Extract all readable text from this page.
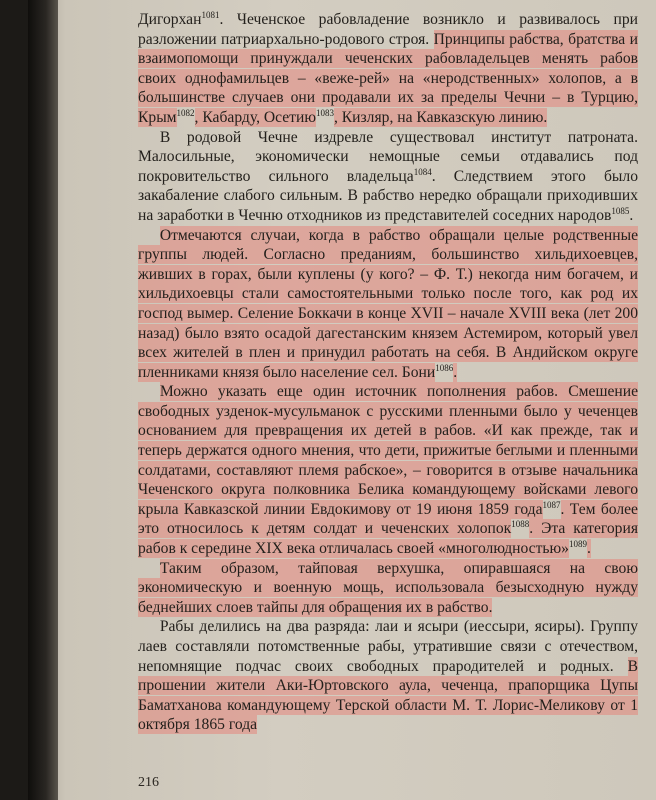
Дигорхан$^{1081}$. Чеченское рабовладение возникло и развивалось при разложении патриархально-родового строя. Принципы рабства, братства и взаимопомощи принуждали чеченских рабовладельцев менять рабов своих однофамильцев – «веже-рей» на «неродственных» холопов, а в большинстве случаев они продавали их за пределы Чечни – в Турцию, Крым$^{1082}$, Кабарду, Осетию$^{1083}$, Кизляр, на Кавказскую линию.

В родовой Чечне издревле существовал институт патроната. Малосильные, экономически немощные семьи отдавались под покровительство сильного владельца$^{1084}$. Следствием этого было закабаление слабого сильным. В рабство нередко обращали приходивших на заработки в Чечню отходников из представителей соседних народов$^{1085}$.

Отмечаются случаи, когда в рабство обращали целые родственные группы людей. Согласно преданиям, большинство хильдихоевцев, живших в горах, были куплены (у кого? – Ф. Т.) некогда ним богачем, и хильдихоевцы стали самостоятельными только после того, как род их господ вымер. Селение Боккачи в конце XVII – начале XVIII века (лет 200 назад) было взято осадой дагестанским князем Астемиром, который увел всех жителей в плен и принудил работать на себя. В Андийском округе пленниками князя было население сел. Бони$^{1086}$.

Можно указать еще один источник пополнения рабов. Смешение свободных узденок-мусульманок с русскими пленными было у чеченцев основанием для превращения их детей в рабов. «И как прежде, так и теперь держатся одного мнения, что дети, прижитые беглыми и пленными солдатами, составляют племя рабское», – говорится в отзыве начальника Чеченского округа полковника Белика командующему войсками левого крыла Кавказской линии Евдокимову от 19 июня 1859 года$^{1087}$. Тем более это относилось к детям солдат и чеченских холопок$^{1088}$. Эта категория рабов к середине XIX века отличалась своей «многолюдностью»$^{1089}$.

Таким образом, тайповая верхушка, опиравшаяся на свою экономическую и военную мощь, использовала безысходную нужду беднейших слоев тайпы для обращения их в рабство.

Рабы делились на два разряда: лаи и ясыри (иессыри, ясиры). Группу лаев составляли потомственные рабы, утратившие связи с отечеством, непомнящие подчас своих свободных прародителей и родных. В прошении жители Аки-Юртовского аула, чеченца, прапорщика Цупы Баматханова командующему Терской области М. Т. Лорис-Меликову от 1 октября 1865 года

216
